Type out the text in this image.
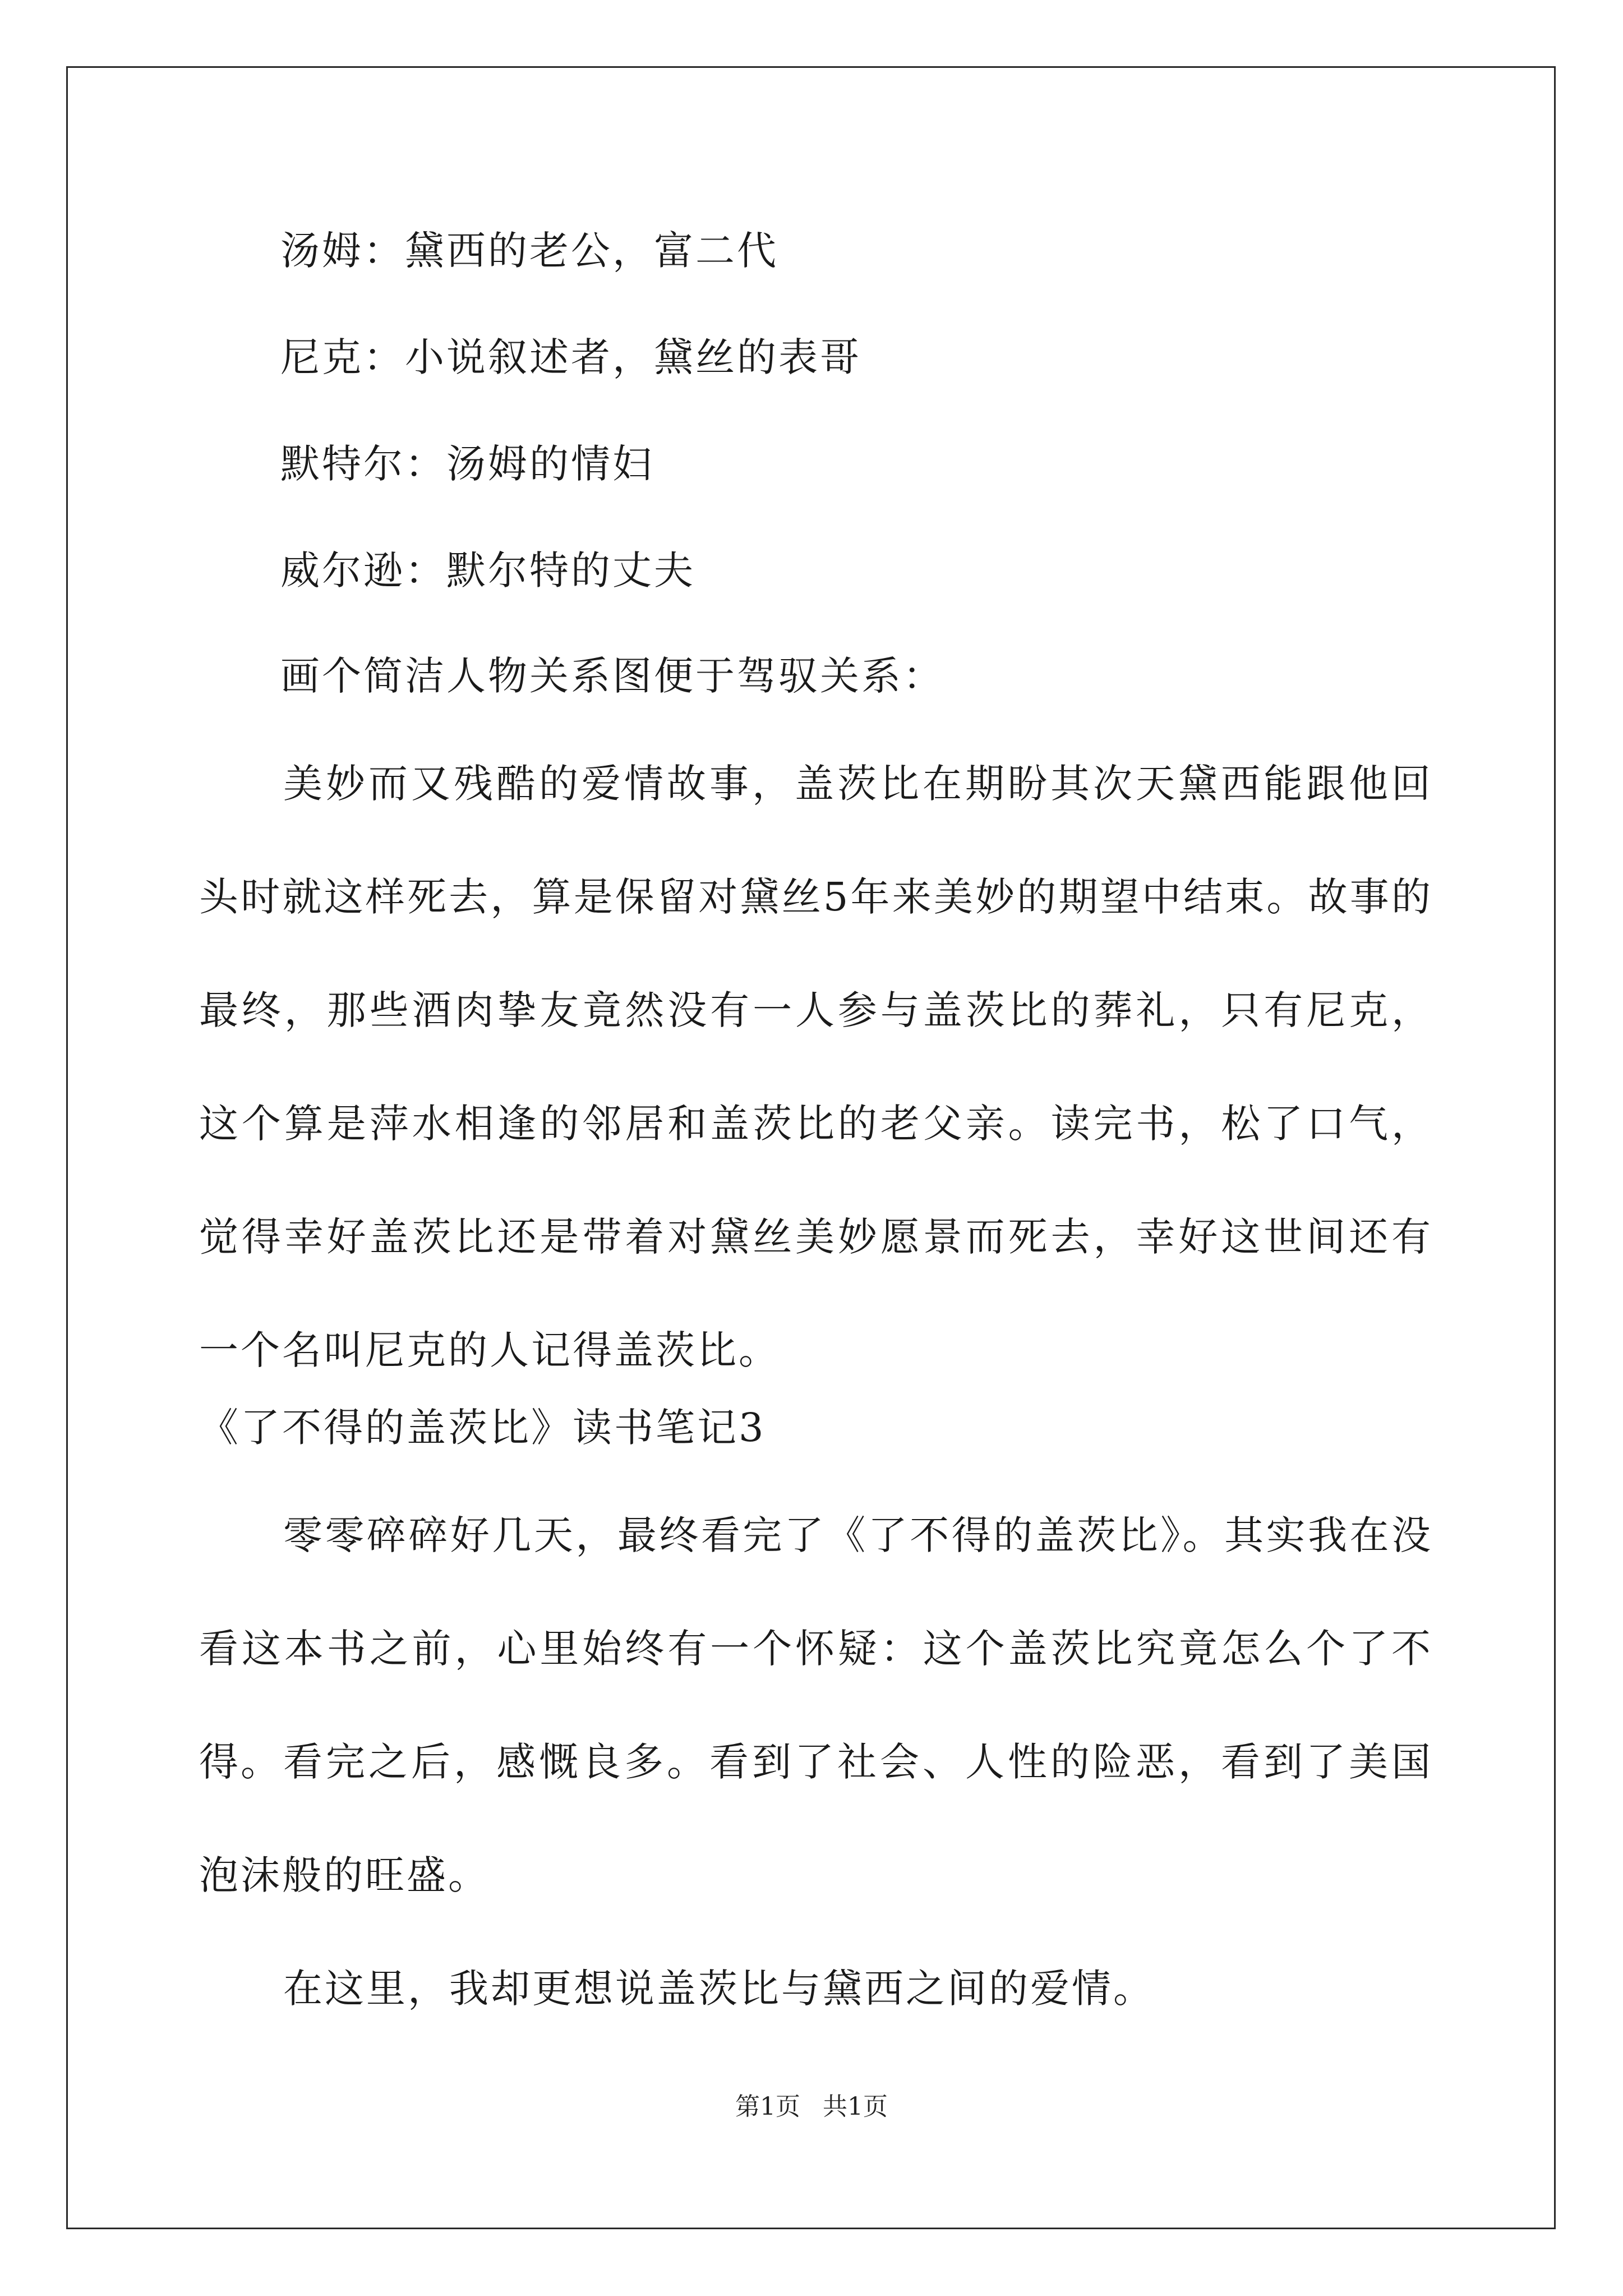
汤姆：黛西的老公，富二代
尼克：小说叙述者，黛丝的表哥
默特尔：汤姆的情妇
威尔逊：默尔特的丈夫
画个简洁人物关系图便于驾驭关系：

美妙而又残酷的爱情故事，盖茨比在期盼其次天黛西能跟他回头时就这样死去，算是保留对黛丝5年来美妙的期望中结束。故事的最终，那些酒肉挚友竟然没有一人参与盖茨比的葬礼，只有尼克，这个算是萍水相逢的邻居和盖茨比的老父亲。读完书，松了口气，觉得幸好盖茨比还是带着对黛丝美妙愿景而死去，幸好这世间还有一个名叫尼克的人记得盖茨比。

《了不得的盖茨比》读书笔记3

零零碎碎好几天，最终看完了《了不得的盖茨比》。其实我在没看这本书之前，心里始终有一个怀疑：这个盖茨比究竟怎么个了不得。 看完之后，感慨良多。看到了社会、人性的险恶，看到了美国泡沫般的旺盛。

在这里，我却更想说盖茨比与黛西之间的爱情。

第1页 共1页
